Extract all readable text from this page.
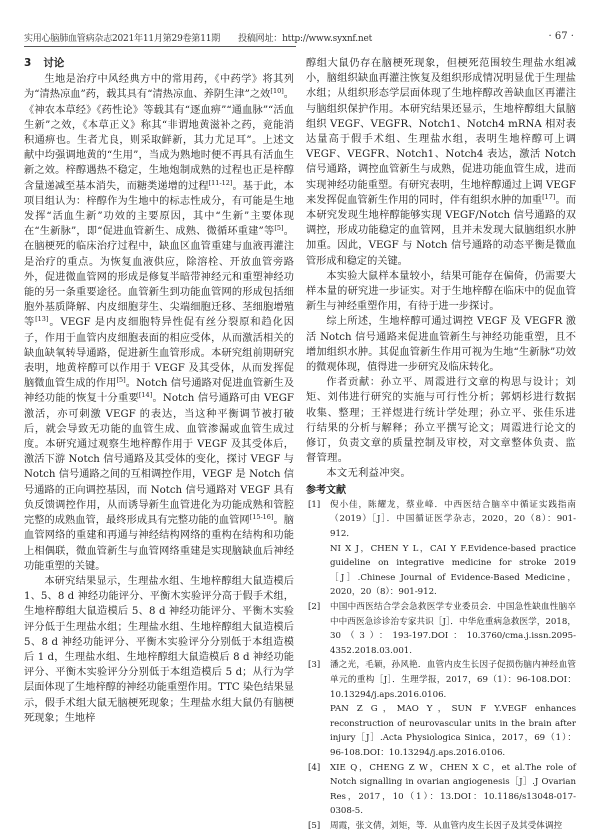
实用心脑肺血管病杂志2021年11月第29卷第11期 投稿网址：http://www.syxnf.net	· 67 ·
3 讨论

生地是治疗中风经典方中的常用药，《中药学》将其列为“清热凉血”药，载其具有“清热凉血、养阴生津”之效[10]。《神农本草经》《药性论》等载其有“逐血痹”“通血脉”“活血生新”之效，《本草正义》称其“非谓地黄滋补之药，竟能消积通痹也。生者尤良，则采取鲜新，其力尤足耳”。上述文献中均强调地黄的“生用”，当成为熟地时便不再具有活血生新之效。梓醇遇热不稳定，生地炮制成熟的过程也正是梓醇含量递减至基本消失，而糖类递增的过程[11-12]。基于此，本项目组认为：梓醇作为生地中的标志性成分，有可能是生地发挥“活血生新”功效的主要原因，其中“生新”主要体现在“生新脉”，即“促进血管新生、成熟、微循环重建”等[5]。在脑梗死的临床治疗过程中，缺血区血管重建与血液再灌注是治疗的重点。为恢复血液供应，除溶栓、开放血管旁路外，促进微血管网的形成是修复半暗带神经元和重塑神经功能的另一条重要途径。血管新生到功能血管网的形成包括细胞外基质降解、内皮细胞芽生、尖端细胞迁移、茎细胞增殖等[13]。VEGF 是内皮细胞特异性促有丝分裂原和趋化因子，作用于血管内皮细胞表面的相应受体，从而激活相关的缺血缺氧转导通路，促进新生血管形成。本研究组前期研究表明，地黄梓醇可以作用于 VEGF 及其受体，从而发挥促脑微血管生成的作用[5]。Notch 信号通路对促进血管新生及神经功能的恢复十分重要[14]。Notch 信号通路可由 VEGF 激活，亦可刺激 VEGF 的表达，当这种平衡调节被打破后，就会导致无功能的血管生成、血管渗漏或血管生成过度。本研究通过观察生地梓醇作用于 VEGF 及其受体后，激活下游 Notch 信号通路及其受体的变化，探讨 VEGF 与 Notch 信号通路之间的互相调控作用，VEGF 是 Notch 信号通路的正向调控基因，而 Notch 信号通路对 VEGF 具有负反馈调控作用，从而诱导新生血管进化为功能成熟和管腔完整的成熟血管，最终形成具有完整功能的血管网[15-16]。脑血管网络的重建和再通与神经结构网络的重构在结构和功能上相偶联，微血管新生与血管网络重建是实现脑缺血后神经功能重塑的关键。

本研究结果显示，生理盐水组、生地梓醇组大鼠造模后 1、5、8 d 神经功能评分、平衡木实验评分高于假手术组，生地梓醇组大鼠造模后 5、8 d 神经功能评分、平衡木实验评分低于生理盐水组；生理盐水组、生地梓醇组大鼠造模后 5、8 d 神经功能评分、平衡木实验评分分别低于本组造模后 1 d，生理盐水组、生地梓醇组大鼠造模后 8 d 神经功能评分、平衡木实验评分分别低于本组造模后 5 d；从行为学层面体现了生地梓醇的神经功能重塑作用。TTC 染色结果显示，假手术组大鼠无脑梗死现象；生理盐水组大鼠仍有脑梗死现象；生地梓

醇组大鼠仍存在脑梗死现象，但梗死范围较生理盐水组减小，脑组织缺血再灌注恢复及组织形成情况明显优于生理盐水组；从组织形态学层面体现了生地梓醇改善缺血区再灌注与脑组织保护作用。本研究结果还显示，生地梓醇组大鼠脑组织 VEGF、VEGFR、Notch1、Notch4 mRNA 相对表达量高于假手术组、生理盐水组，表明生地梓醇可上调 VEGF、VEGFR、Notch1、Notch4 表达，激活 Notch 信号通路，调控血管新生与成熟，促进功能血管生成，进而实现神经功能重塑。有研究表明，生地梓醇通过上调 VEGF 来发挥促血管新生作用的同时，伴有组织水肿的加重[17]。而本研究发现生地梓醇能够实现 VEGF/Notch 信号通路的双调控，形成功能稳定的血管网，且并未发现大鼠脑组织水肿加重。因此，VEGF 与 Notch 信号通路的动态平衡是微血管形成和稳定的关键。

本实验大鼠样本量较小，结果可能存在偏倚，仍需要大样本量的研究进一步证实。对于生地梓醇在临床中的促血管新生与神经重塑作用，有待于进一步探讨。

综上所述，生地梓醇可通过调控 VEGF 及 VEGFR 激活 Notch 信号通路来促进血管新生与神经功能重塑，且不增加组织水肿。其促血管新生作用可视为生地“生新脉”功效的微观体现，值得进一步研究及临床转化。

作者贡献：孙立平、周霞进行文章的构思与设计；刘矩、刘伟进行研究的实施与可行性分析；郭炳杉进行数据收集、整理；王祥煜进行统计学处理；孙立平、张佳乐进行结果的分析与解释；孙立平撰写论文；周霞进行论文的修订，负责文章的质量控制及审校，对文章整体负责、监督管理。

本文无利益冲突。

参考文献
[1] 倪小佳，陈耀龙，蔡业峰．中西医结合脑卒中循证实践指南（2019）［J］．中国循证医学杂志，2020，20（8）：901-912．
NI X J，CHEN Y L，CAI Y F.Evidence-based practice guideline on integrative medicine for stroke 2019［J］.Chinese Journal of Evidence-Based Medicine，2020，20（8）：901-912.
[2] 中国中西医结合学会急救医学专业委员会．中国急性缺血性脑卒中中西医急诊诊治专家共识［J］．中华危重病急救医学，2018，30（3）：193-197.DOI：10.3760/cma.j.issn.2095-4352.2018.03.001.
[3] 潘之光，毛颖，孙风艳．血管内皮生长因子促损伤脑内神经血管单元的重构［J］．生理学报，2017，69（1）：96-108.DOI：10.13294/j.aps.2016.0106.
PAN Z G，MAO Y，SUN F Y.VEGF enhances reconstruction of neurovascular units in the brain after injury［J］.Acta Physiologica Sinica，2017，69（1）：96-108.DOI：10.13294/j.aps.2016.0106.
[4] XIE Q，CHENG Z W，CHEN X C，et al.The role of Notch signalling in ovarian angiogenesis［J］.J Ovarian Res，2017，10（1）：13.DOI：10.1186/s13048-017-0308-5.
[5] 周霞，张文倩，刘矩，等．从血管内皮生长因子及其受体调控
